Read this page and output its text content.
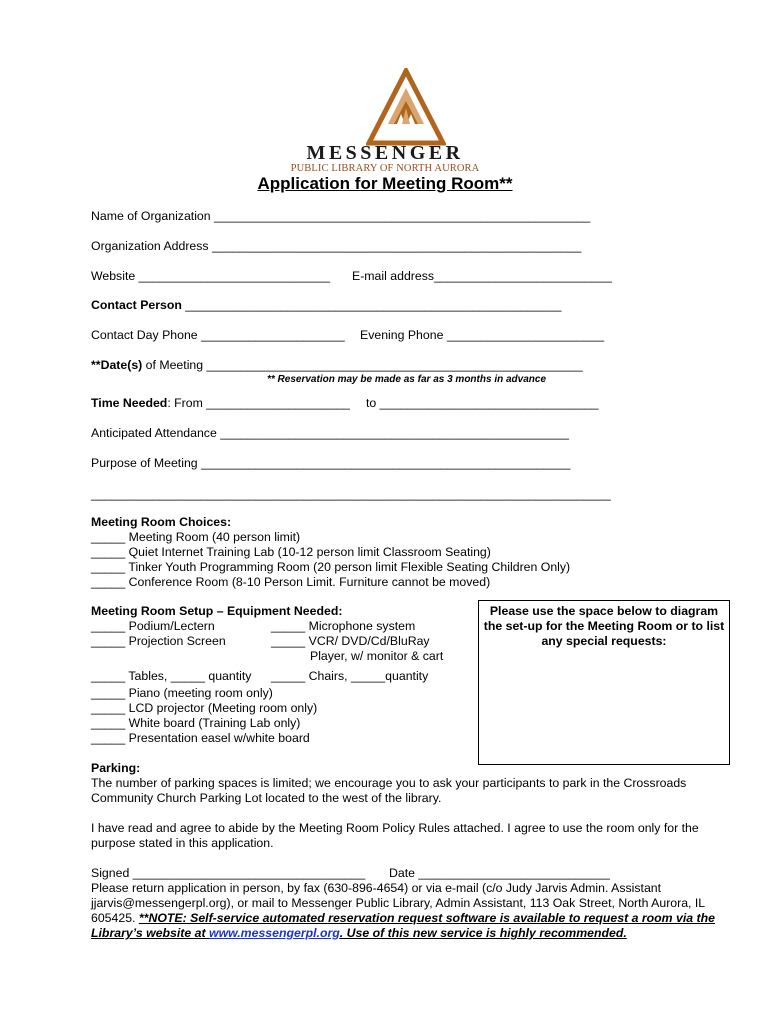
MESSENGER
PUBLIC LIBRARY OF NORTH AURORA
Application for Meeting Room**
Name of Organization _______________________________________________________
Organization Address ______________________________________________________
Website ____________________________ E-mail address__________________________
Contact Person _______________________________________________________
Contact Day Phone _____________________ Evening Phone _______________________
**Date(s) of Meeting _______________________________________________________
** Reservation may be made as far as 3 months in advance
Time Needed: From _____________________ to ________________________________
Anticipated Attendance ___________________________________________________
Purpose of Meeting ______________________________________________________
____________________________________________________________________________
Meeting Room Choices:
_____ Meeting Room (40 person limit)
_____ Quiet Internet Training Lab (10-12 person limit Classroom Seating)
_____ Tinker Youth Programming Room (20 person limit Flexible Seating Children Only)
_____ Conference Room (8-10 Person Limit. Furniture cannot be moved)
Meeting Room Setup – Equipment Needed:
_____ Podium/Lectern
_____ Projection Screen
_____ Microphone system
_____ VCR/ DVD/Cd/BluRay
Player, w/ monitor & cart
_____ Tables, _____ quantity _____ Chairs, _____quantity
_____ Piano (meeting room only)
_____ LCD projector (Meeting room only)
_____ White board (Training Lab only)
_____ Presentation easel w/white board
Please use the space below to diagram the set-up for the Meeting Room or to list any special requests:
Parking:
The number of parking spaces is limited; we encourage you to ask your participants to park in the Crossroads Community Church Parking Lot located to the west of the library.
I have read and agree to abide by the Meeting Room Policy Rules attached. I agree to use the room only for the purpose stated in this application.
Signed __________________________________ Date ____________________________
Please return application in person, by fax (630-896-4654) or via e-mail (c/o Judy Jarvis Admin. Assistant jjarvis@messengerpl.org), or mail to Messenger Public Library, Admin Assistant, 113 Oak Street, North Aurora, IL 605425. **NOTE: Self-service automated reservation request software is available to request a room via the Library’s website at www.messengerpl.org. Use of this new service is highly recommended.
